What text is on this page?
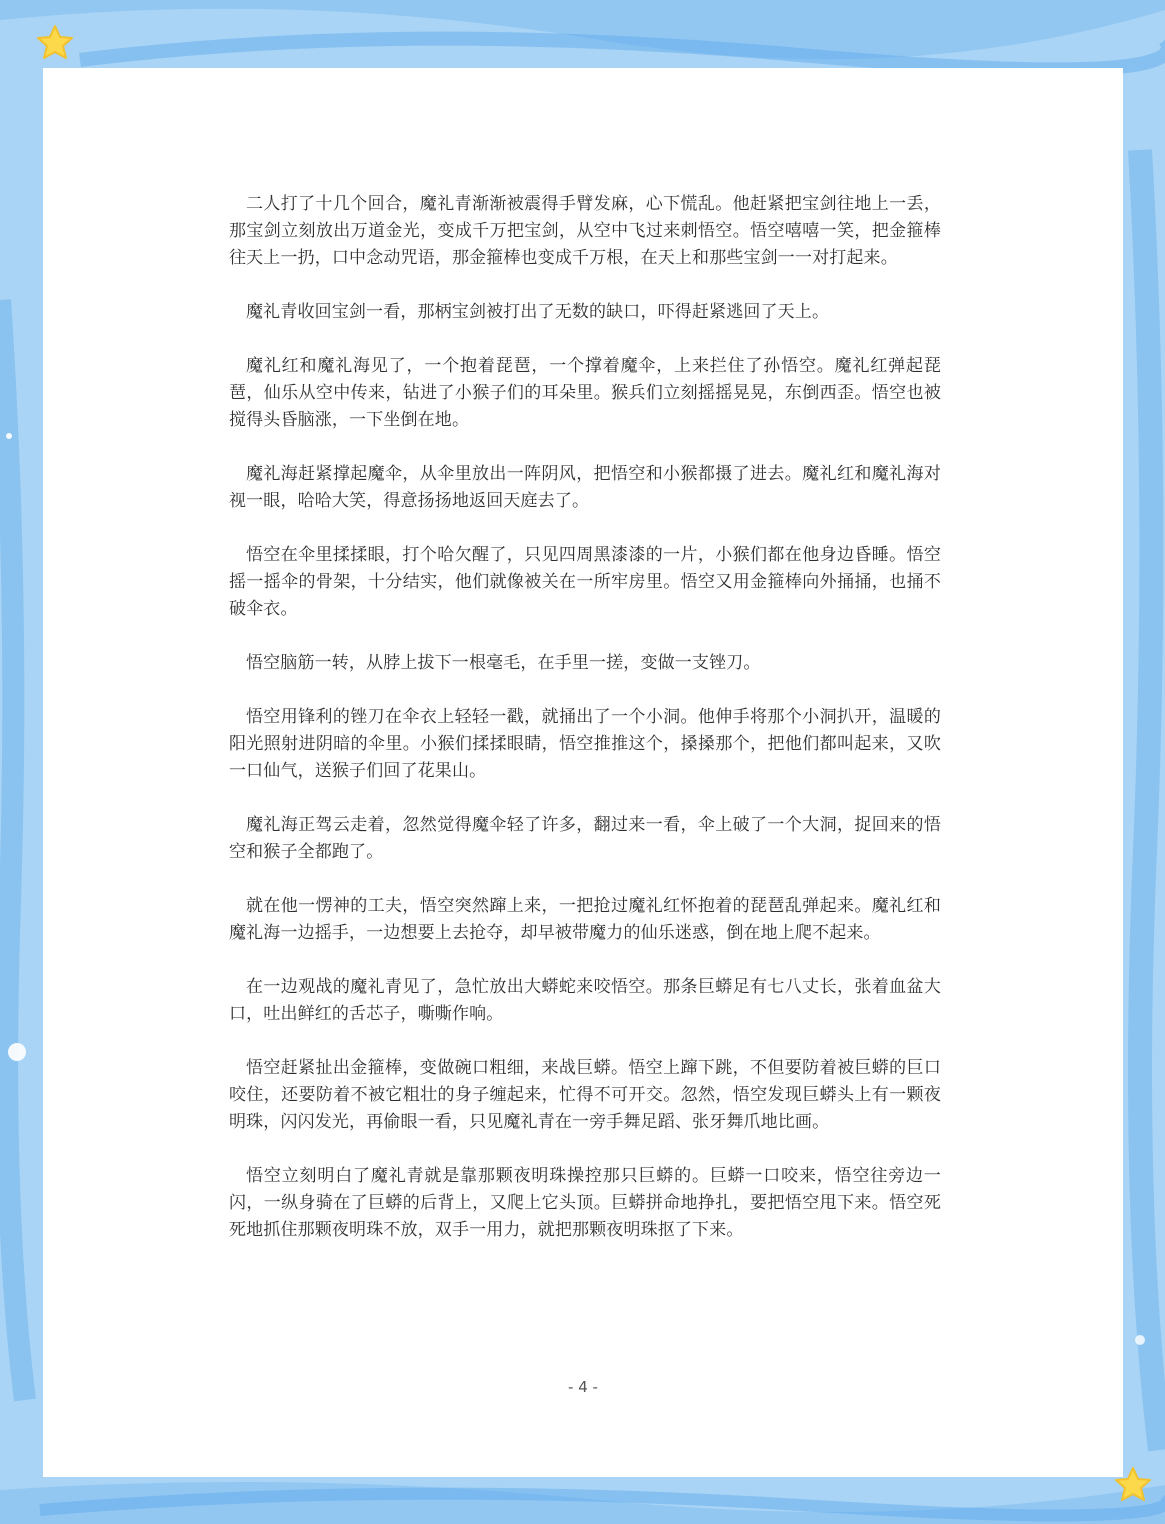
二人打了十几个回合，魔礼青渐渐被震得手臂发麻，心下慌乱。他赶紧把宝剑往地上一丢，那宝剑立刻放出万道金光，变成千万把宝剑，从空中飞过来刺悟空。悟空嘻嘻一笑，把金箍棒往天上一扔，口中念动咒语，那金箍棒也变成千万根，在天上和那些宝剑一一对打起来。

魔礼青收回宝剑一看，那柄宝剑被打出了无数的缺口，吓得赶紧逃回了天上。

魔礼红和魔礼海见了，一个抱着琵琶，一个撑着魔伞，上来拦住了孙悟空。魔礼红弹起琵琶，仙乐从空中传来，钻进了小猴子们的耳朵里。猴兵们立刻摇摇晃晃，东倒西歪。悟空也被搅得头昏脑涨，一下坐倒在地。

魔礼海赶紧撑起魔伞，从伞里放出一阵阴风，把悟空和小猴都摄了进去。魔礼红和魔礼海对视一眼，哈哈大笑，得意扬扬地返回天庭去了。

悟空在伞里揉揉眼，打个哈欠醒了，只见四周黑漆漆的一片，小猴们都在他身边昏睡。悟空摇一摇伞的骨架，十分结实，他们就像被关在一所牢房里。悟空又用金箍棒向外捅捅，也捅不破伞衣。

悟空脑筋一转，从脖上拔下一根毫毛，在手里一搓，变做一支锉刀。

悟空用锋利的锉刀在伞衣上轻轻一戳，就捅出了一个小洞。他伸手将那个小洞扒开，温暖的阳光照射进阴暗的伞里。小猴们揉揉眼睛，悟空推推这个，搡搡那个，把他们都叫起来，又吹一口仙气，送猴子们回了花果山。

魔礼海正驾云走着，忽然觉得魔伞轻了许多，翻过来一看，伞上破了一个大洞，捉回来的悟空和猴子全都跑了。

就在他一愣神的工夫，悟空突然蹿上来，一把抢过魔礼红怀抱着的琵琶乱弹起来。魔礼红和魔礼海一边摇手，一边想要上去抢夺，却早被带魔力的仙乐迷惑，倒在地上爬不起来。

在一边观战的魔礼青见了，急忙放出大蟒蛇来咬悟空。那条巨蟒足有七八丈长，张着血盆大口，吐出鲜红的舌芯子，嘶嘶作响。

悟空赶紧扯出金箍棒，变做碗口粗细，来战巨蟒。悟空上蹿下跳，不但要防着被巨蟒的巨口咬住，还要防着不被它粗壮的身子缠起来，忙得不可开交。忽然，悟空发现巨蟒头上有一颗夜明珠，闪闪发光，再偷眼一看，只见魔礼青在一旁手舞足蹈、张牙舞爪地比画。

悟空立刻明白了魔礼青就是靠那颗夜明珠操控那只巨蟒的。巨蟒一口咬来，悟空往旁边一闪，一纵身骑在了巨蟒的后背上，又爬上它头顶。巨蟒拼命地挣扎，要把悟空甩下来。悟空死死地抓住那颗夜明珠不放，双手一用力，就把那颗夜明珠抠了下来。

- 4 -
